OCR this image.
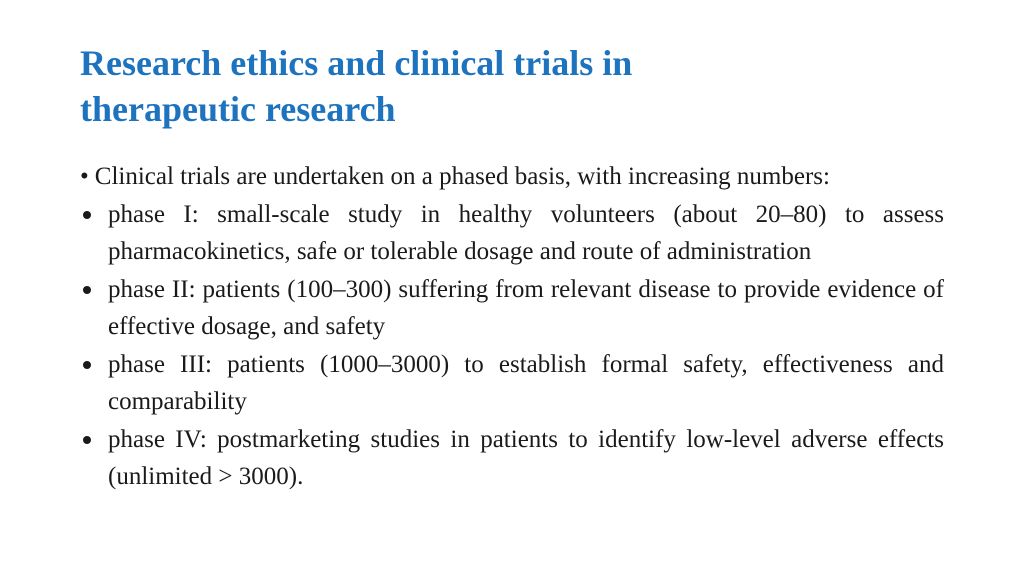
Research ethics and clinical trials in
therapeutic research

• Clinical trials are undertaken on a phased basis, with increasing numbers:

phase I: small-scale study in healthy volunteers (about 20–80) to assess pharmacokinetics, safe or tolerable dosage and route of administration
phase II: patients (100–300) suffering from relevant disease to provide evidence of effective dosage, and safety
phase III: patients (1000–3000) to establish formal safety, effectiveness and comparability
phase IV: postmarketing studies in patients to identify low-level adverse effects (unlimited > 3000).
